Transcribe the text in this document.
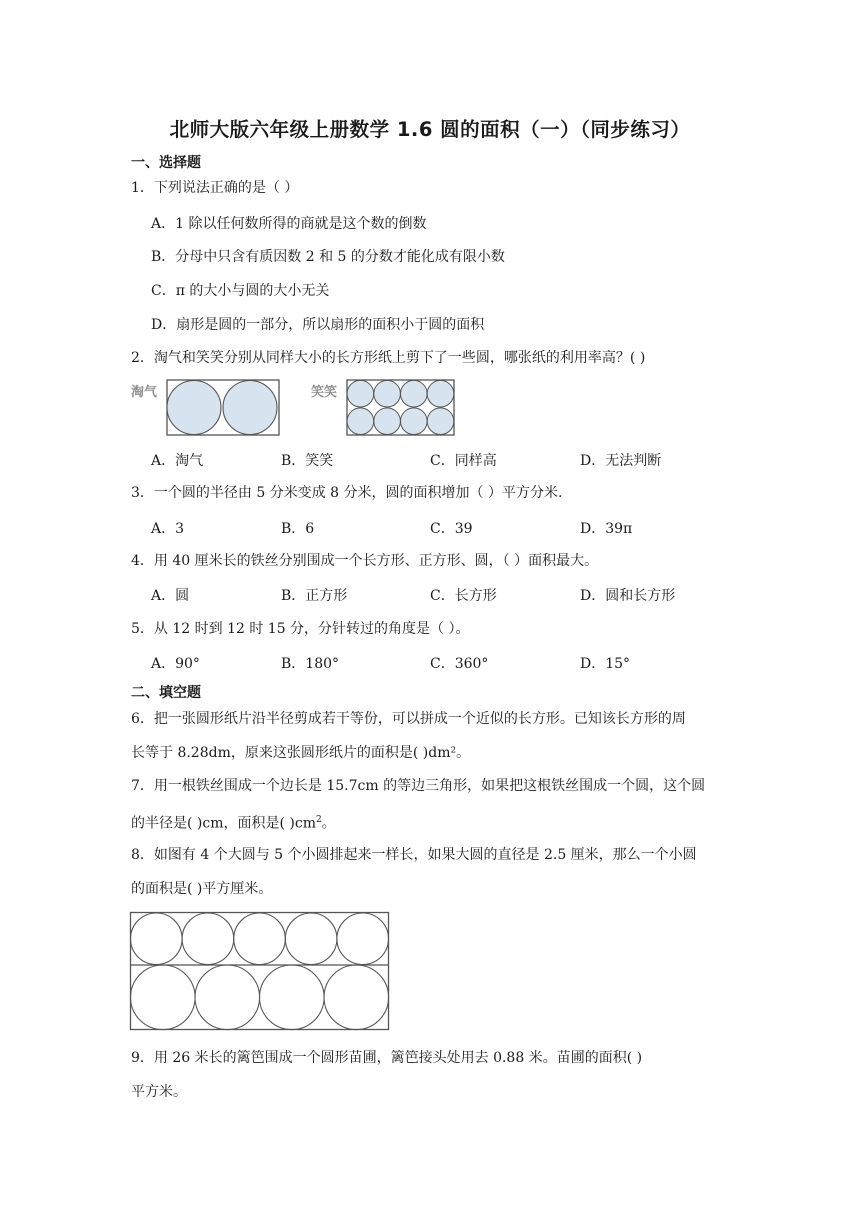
北师大版六年级上册数学 1.6 圆的面积（一）（同步练习）
一、选择题
1．下列说法正确的是（ ）
A．1 除以任何数所得的商就是这个数的倒数
B．分母中只含有质因数 2 和 5 的分数才能化成有限小数
C．π 的大小与圆的大小无关
D．扇形是圆的一部分，所以扇形的面积小于圆的面积
2．淘气和笑笑分别从同样大小的长方形纸上剪下了一些圆，哪张纸的利用率高？( )
淘气	笑笑
A．淘气	B．笑笑	C．同样高	D．无法判断
3．一个圆的半径由 5 分米变成 8 分米，圆的面积增加（ ）平方分米.
A．3	B．6	C．39	D．39π
4．用 40 厘米长的铁丝分别围成一个长方形、正方形、圆，（ ）面积最大。
A．圆	B．正方形	C．长方形	D．圆和长方形
5．从 12 时到 12 时 15 分，分针转过的角度是（ ）。
A．90°	B．180°	C．360°	D．15°
二、填空题
6．把一张圆形纸片沿半径剪成若干等份，可以拼成一个近似的长方形。已知该长方形的周
长等于 8.28dm，原来这张圆形纸片的面积是( )dm²。
7．用一根铁丝围成一个边长是 15.7cm 的等边三角形，如果把这根铁丝围成一个圆，这个圆
的半径是( )cm，面积是( )$cm^2$。
8．如图有 4 个大圆与 5 个小圆排起来一样长，如果大圆的直径是 2.5 厘米，那么一个小圆
的面积是( )平方厘米。
9．用 26 米长的篱笆围成一个圆形苗圃，篱笆接头处用去 0.88 米。苗圃的面积( )
平方米。
